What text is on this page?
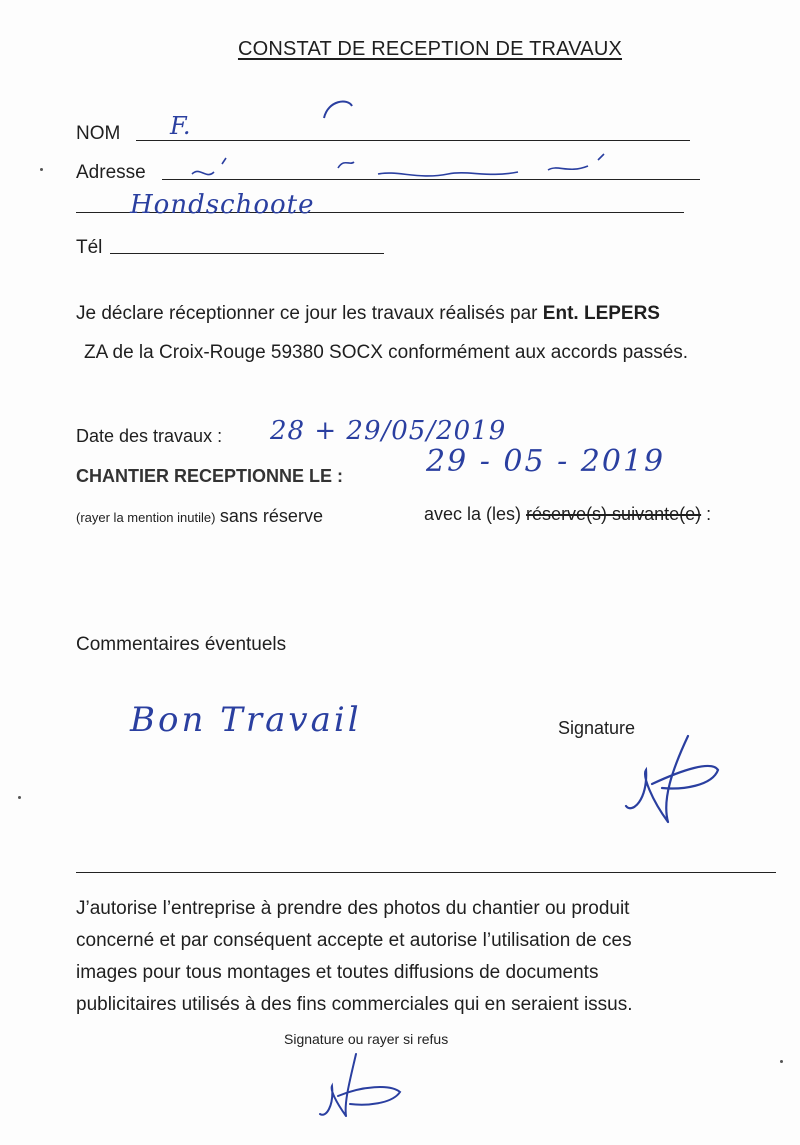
CONSTAT DE RECEPTION DE TRAVAUX
NOM F.
Adresse
Hondschoote
Tél
Je déclare réceptionner ce jour les travaux réalisés par Ent. LEPERS
ZA de la Croix-Rouge 59380 SOCX conformément aux accords passés.
Date des travaux : 28 + 29/05/2019
CHANTIER RECEPTIONNE LE :	29 - 05 - 2019
(rayer la mention inutile) sans réserve	avec la (les) réserve(s) suivante(e) :
Commentaires éventuels
Bon Travail	Signature
J’autorise l’entreprise à prendre des photos du chantier ou produit
concerné et par conséquent accepte et autorise l’utilisation de ces
images pour tous montages et toutes diffusions de documents
publicitaires utilisés à des fins commerciales qui en seraient issus.
Signature ou rayer si refus
